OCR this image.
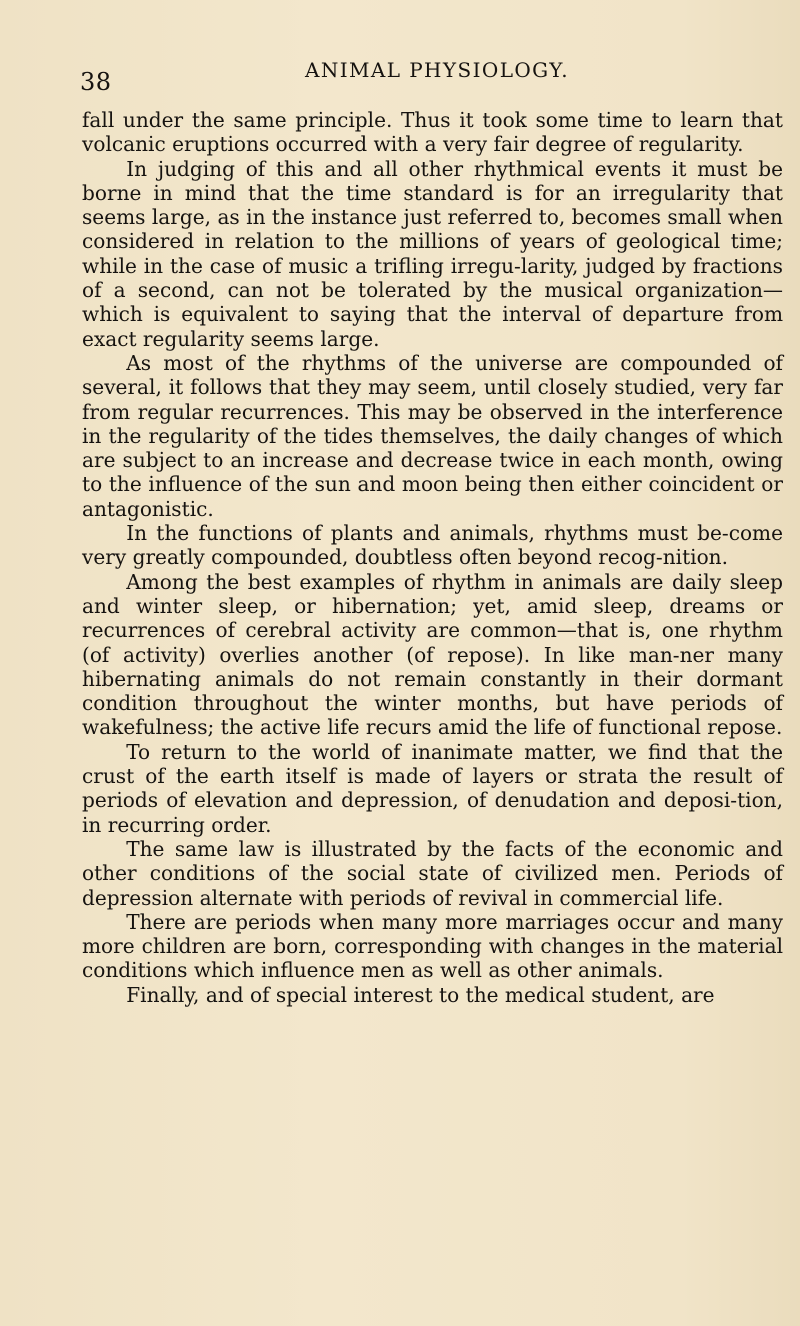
38	ANIMAL PHYSIOLOGY.

fall under the same principle. Thus it took some time to learn that volcanic eruptions occurred with a very fair degree of regularity.

In judging of this and all other rhythmical events it must be borne in mind that the time standard is for an irregularity that seems large, as in the instance just referred to, becomes small when considered in relation to the millions of years of geological time; while in the case of music a trifling irregu-larity, judged by fractions of a second, can not be tolerated by the musical organization—which is equivalent to saying that the interval of departure from exact regularity seems large.

As most of the rhythms of the universe are compounded of several, it follows that they may seem, until closely studied, very far from regular recurrences. This may be observed in the interference in the regularity of the tides themselves, the daily changes of which are subject to an increase and decrease twice in each month, owing to the influence of the sun and moon being then either coincident or antagonistic.

In the functions of plants and animals, rhythms must be-come very greatly compounded, doubtless often beyond recog-nition.

Among the best examples of rhythm in animals are daily sleep and winter sleep, or hibernation; yet, amid sleep, dreams or recurrences of cerebral activity are common—that is, one rhythm (of activity) overlies another (of repose). In like man-ner many hibernating animals do not remain constantly in their dormant condition throughout the winter months, but have periods of wakefulness; the active life recurs amid the life of functional repose.

To return to the world of inanimate matter, we find that the crust of the earth itself is made of layers or strata the result of periods of elevation and depression, of denudation and deposi-tion, in recurring order.

The same law is illustrated by the facts of the economic and other conditions of the social state of civilized men. Periods of depression alternate with periods of revival in commercial life.

There are periods when many more marriages occur and many more children are born, corresponding with changes in the material conditions which influence men as well as other animals.

Finally, and of special interest to the medical student, are
